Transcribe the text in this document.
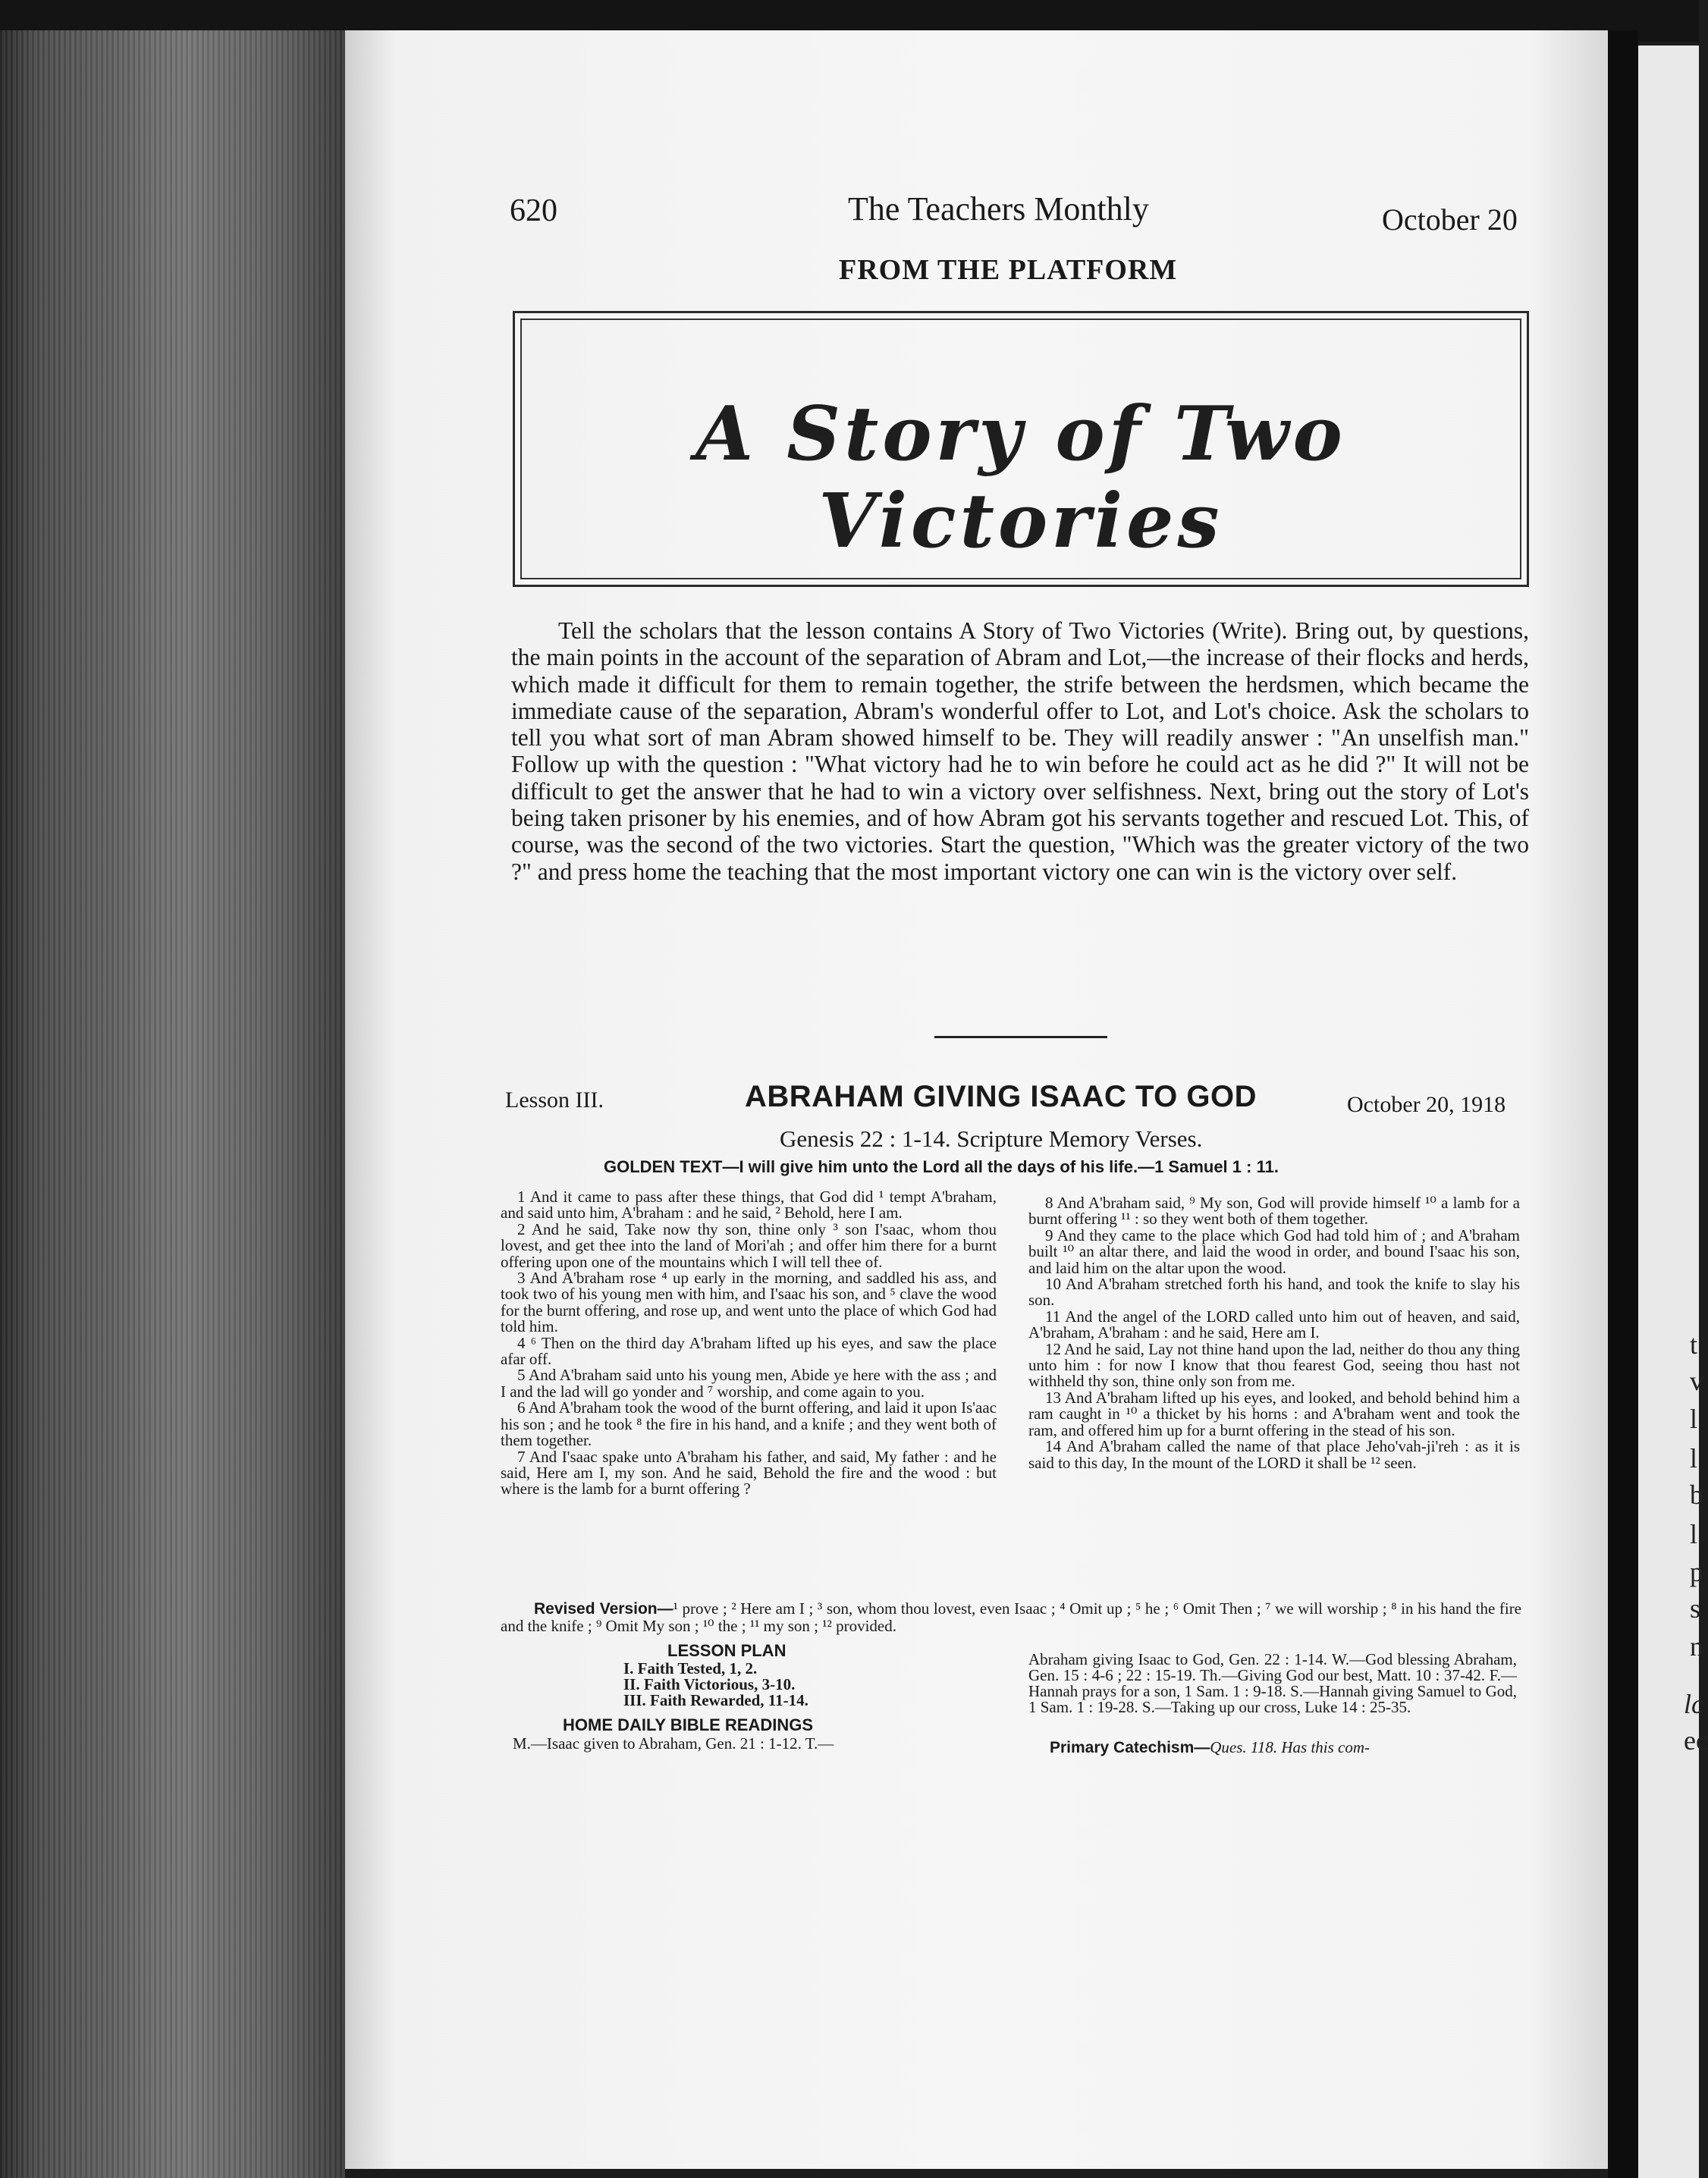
620	The Teachers Monthly	October 20
FROM THE PLATFORM
A Story of Two Victories
Tell the scholars that the lesson contains A Story of Two Victories (Write). Bring out, by questions, the main points in the account of the separation of Abram and Lot,—the increase of their flocks and herds, which made it difficult for them to remain together, the strife between the herdsmen, which became the immediate cause of the separation, Abram's wonderful offer to Lot, and Lot's choice. Ask the scholars to tell you what sort of man Abram showed himself to be. They will readily answer : "An unselfish man." Follow up with the question : "What victory had he to win before he could act as he did ?" It will not be difficult to get the answer that he had to win a victory over selfishness. Next, bring out the story of Lot's being taken prisoner by his enemies, and of how Abram got his servants together and rescued Lot. This, of course, was the second of the two victories. Start the question, "Which was the greater victory of the two ?" and press home the teaching that the most important victory one can win is the victory over self.
Lesson III.	ABRAHAM GIVING ISAAC TO GOD	October 20, 1918
Genesis 22 : 1-14. Scripture Memory Verses.
GOLDEN TEXT—I will give him unto the Lord all the days of his life.—1 Samuel 1 : 11.
1 And it came to pass after these things, that God did ¹ tempt A'braham, and said unto him, A'braham : and he said, ² Behold, here I am.
2 And he said, Take now thy son, thine only ³ son I'saac, whom thou lovest, and get thee into the land of Mori'ah ; and offer him there for a burnt offering upon one of the mountains which I will tell thee of.
3 And A'braham rose ⁴ up early in the morning, and saddled his ass, and took two of his young men with him, and I'saac his son, and ⁵ clave the wood for the burnt offering, and rose up, and went unto the place of which God had told him.
4 ⁶ Then on the third day A'braham lifted up his eyes, and saw the place afar off.
5 And A'braham said unto his young men, Abide ye here with the ass ; and I and the lad will go yonder and ⁷ worship, and come again to you.
6 And A'braham took the wood of the burnt offering, and laid it upon Is'aac his son ; and he took ⁸ the fire in his hand, and a knife ; and they went both of them together.
7 And I'saac spake unto A'braham his father, and said, My father : and he said, Here am I, my son. And he said, Behold the fire and the wood : but where is the lamb for a burnt offering ?
8 And A'braham said, ⁹ My son, God will provide himself ¹⁰ a lamb for a burnt offering ¹¹ : so they went both of them together.
9 And they came to the place which God had told him of ; and A'braham built ¹⁰ an altar there, and laid the wood in order, and bound I'saac his son, and laid him on the altar upon the wood.
10 And A'braham stretched forth his hand, and took the knife to slay his son.
11 And the angel of the LORD called unto him out of heaven, and said, A'braham, A'braham : and he said, Here am I.
12 And he said, Lay not thine hand upon the lad, neither do thou any thing unto him : for now I know that thou fearest God, seeing thou hast not withheld thy son, thine only son from me.
13 And A'braham lifted up his eyes, and looked, and behold behind him a ram caught in ¹⁰ a thicket by his horns : and A'braham went and took the ram, and offered him up for a burnt offering in the stead of his son.
14 And A'braham called the name of that place Jeho'vah-ji'reh : as it is said to this day, In the mount of the LORD it shall be ¹² seen.
Revised Version—¹ prove ; ² Here am I ; ³ son, whom thou lovest, even Isaac ; ⁴ Omit up ; ⁵ he ; ⁶ Omit Then ; ⁷ we will worship ; ⁸ in his hand the fire and the knife ; ⁹ Omit My son ; ¹⁰ the ; ¹¹ my son ; ¹² provided.
LESSON PLAN
I. Faith Tested, 1, 2.
II. Faith Victorious, 3-10.
III. Faith Rewarded, 11-14.
HOME DAILY BIBLE READINGS
M.—Isaac given to Abraham, Gen. 21 : 1-12. T.—
Abraham giving Isaac to God, Gen. 22 : 1-14. W.—God blessing Abraham, Gen. 15 : 4-6 ; 22 : 15-19. Th.—Giving God our best, Matt. 10 : 37-42. F.—Hannah prays for a son, 1 Sam. 1 : 9-18. S.—Hannah giving Samuel to God, 1 Sam. 1 : 19-28. S.—Taking up our cross, Luke 14 : 25-35.
Primary Catechism—Ques. 118. Has this com-
t
v
l
l
b
l
p
s
n
lc
ec
